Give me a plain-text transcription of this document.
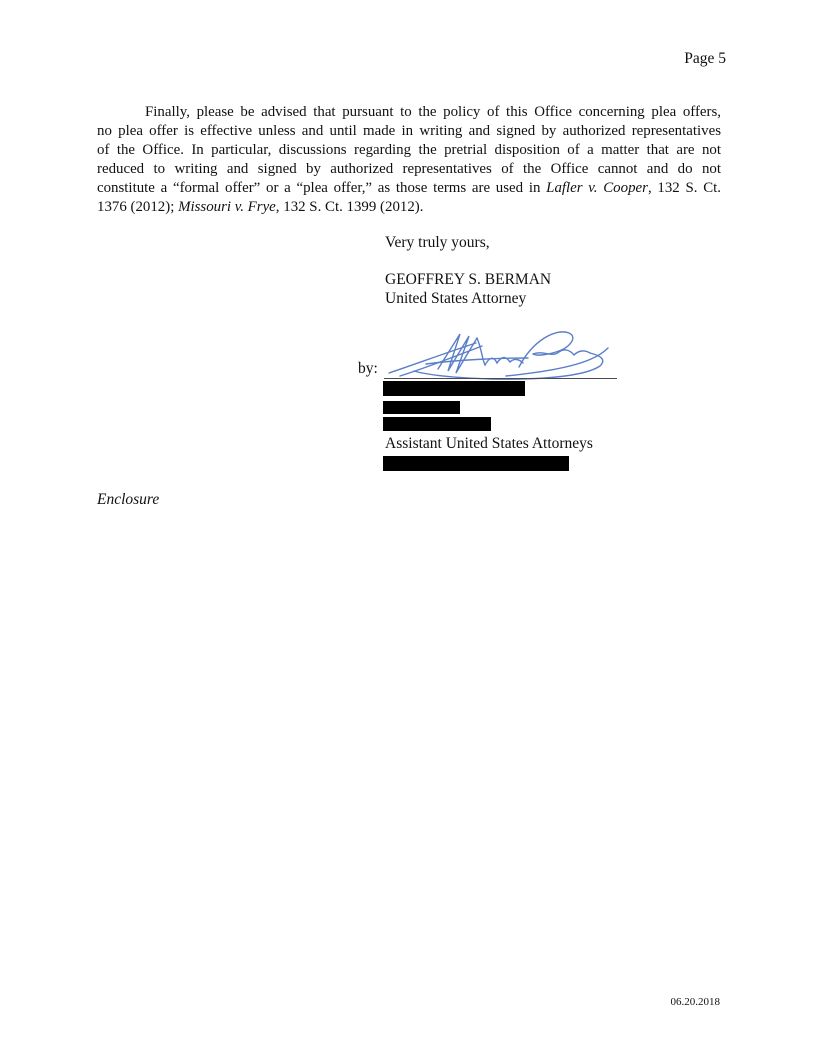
Page 5
Finally, please be advised that pursuant to the policy of this Office concerning plea offers,
no plea offer is effective unless and until made in writing and signed by authorized representatives
of the Office. In particular, discussions regarding the pretrial disposition of a matter that are not
reduced to writing and signed by authorized representatives of the Office cannot and do not
constitute a “formal offer” or a “plea offer,” as those terms are used in Lafler v. Cooper, 132 S. Ct.
1376 (2012); Missouri v. Frye, 132 S. Ct. 1399 (2012).

Very truly yours,

GEOFFREY S. BERMAN

United States Attorney

by:
Assistant United States Attorneys
Enclosure
06.20.2018
